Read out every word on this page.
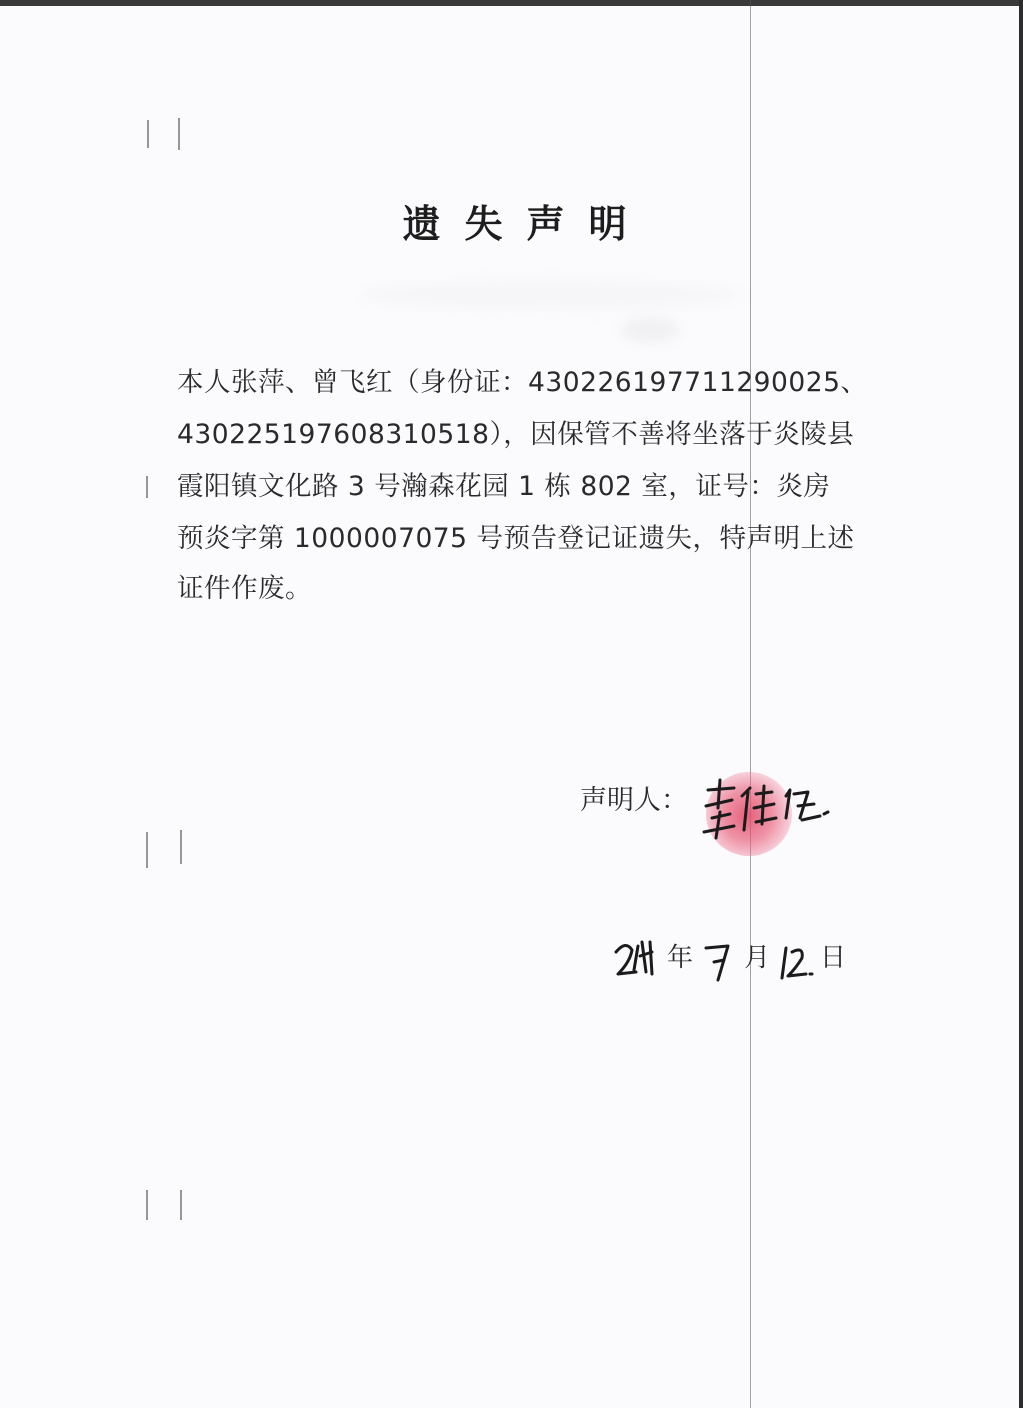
遗失声明
本人张萍、曾飞红（身份证：430226197711290025、
430225197608310518），因保管不善将坐落于炎陵县
霞阳镇文化路 3 号瀚森花园 1 栋 802 室，证号：炎房
预炎字第 1000007075 号预告登记证遗失，特声明上述
证件作废。
声明人：
年 月 日
